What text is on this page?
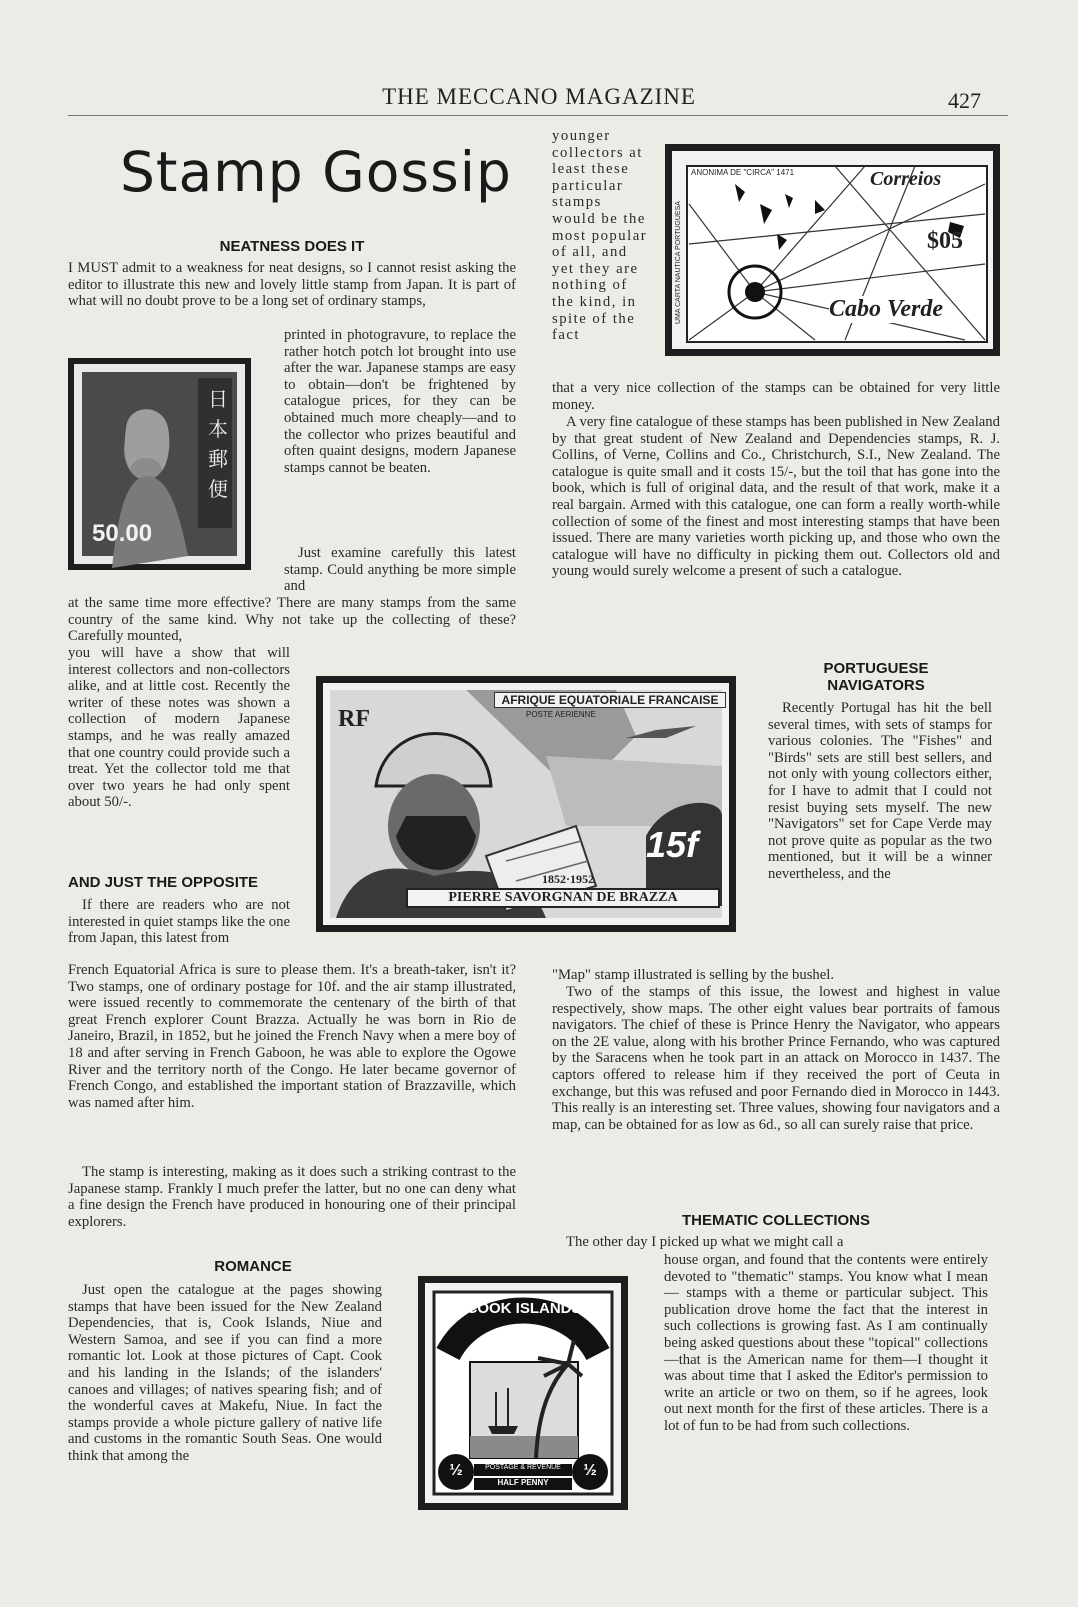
THE MECCANO MAGAZINE	427
Stamp Gossip
NEATNESS DOES IT

I MUST admit to a weakness for neat designs, so I cannot resist asking the editor to illustrate this new and lovely little stamp from Japan. It is part of what will no doubt prove to be a long set of ordinary stamps,

printed in photogravure, to replace the rather hotch potch lot brought into use after the war. Japanese stamps are easy to obtain—don't be frightened by catalogue prices, for they can be obtained much more cheaply—and to the collector who prizes beautiful and often quaint designs, modern Japanese stamps cannot be beaten.

Just examine carefully this latest stamp. Could anything be more simple and

at the same time more effective? There are many stamps from the same country of the same kind. Why not take up the collecting of these? Carefully mounted,

you will have a show that will interest collectors and non-collectors alike, and at little cost. Recently the writer of these notes was shown a collection of modern Japanese stamps, and he was really amazed that one country could provide such a treat. Yet the collector told me that over two years he had only spent about 50/-.

日本郵便
50.00
AND JUST THE OPPOSITE

If there are readers who are not interested in quiet stamps like the one from Japan, this latest from

French Equatorial Africa is sure to please them. It's a breath-taker, isn't it? Two stamps, one of ordinary postage for 10f. and the air stamp illustrated, were issued recently to commemorate the centenary of the birth of that great French explorer Count Brazza. Actually he was born in Rio de Janeiro, Brazil, in 1852, but he joined the French Navy when a mere boy of 18 and after serving in French Gaboon, he was able to explore the Ogowe River and the territory north of the Congo. He later became governor of French Congo, and established the important station of Brazzaville, which was named after him.

The stamp is interesting, making as it does such a striking contrast to the Japanese stamp. Frankly I much prefer the latter, but no one can deny what a fine design the French have produced in honouring one of their principal explorers.

AFRIQUE EQUATORIALE FRANCAISE
POSTE AERIENNE
RF
15f
1852·1952
PIERRE SAVORGNAN DE BRAZZA
ROMANCE

Just open the catalogue at the pages showing stamps that have been issued for the New Zealand Dependencies, that is, Cook Islands, Niue and Western Samoa, and see if you can find a more romantic lot. Look at those pictures of Capt. Cook and his landing in the Islands; of the islanders' canoes and villages; of natives spearing fish; and of the wonderful caves at Makefu, Niue. In fact the stamps provide a whole picture gallery of native life and customs in the romantic South Seas. One would think that among the

younger collectors at least these particular stamps would be the most popular of all, and yet they are nothing of the kind, in spite of the fact

that a very nice collection of the stamps can be obtained for very little money.

A very fine catalogue of these stamps has been published in New Zealand by that great student of New Zealand and Dependencies stamps, R. J. Collins, of Verne, Collins and Co., Christchurch, S.I., New Zealand. The catalogue is quite small and it costs 15/-, but the toil that has gone into the book, which is full of original data, and the result of that work, make it a real bargain. Armed with this catalogue, one can form a really worth-while collection of some of the finest and most interesting stamps that have been issued. There are many varieties worth picking up, and those who own the catalogue will have no difficulty in picking them out. Collectors old and young would surely welcome a present of such a catalogue.

ANONIMA DE "CIRCA" 1471	Correios
$05
Cabo Verde
PORTUGUESE
NAVIGATORS

Recently Portugal has hit the bell several times, with sets of stamps for various colonies. The "Fishes" and "Birds" sets are still best sellers, and not only with young collectors either, for I have to admit that I could not resist buying sets myself. The new "Navigators" set for Cape Verde may not prove quite as popular as the two mentioned, but it will be a winner nevertheless, and the

"Map" stamp illustrated is selling by the bushel.

Two of the stamps of this issue, the lowest and highest in value respectively, show maps. The other eight values bear portraits of famous navigators. The chief of these is Prince Henry the Navigator, who appears on the 2E value, along with his brother Prince Fernando, who was captured by the Saracens when he took part in an attack on Morocco in 1437. The captors offered to release him if they received the port of Ceuta in exchange, but this was refused and poor Fernando died in Morocco in 1443. This really is an interesting set. Three values, showing four navigators and a map, can be obtained for as low as 6d., so all can surely raise that price.

THEMATIC COLLECTIONS

The other day I picked up what we might call a

house organ, and found that the contents were entirely devoted to "thematic" stamps. You know what I mean — stamps with a theme or particular subject. This publication drove home the fact that the interest in such collections is growing fast. As I am continually being asked questions about these "topical" collections—that is the American name for them—I thought it was about time that I asked the Editor's permission to write an article or two on them, so if he agrees, look out next month for the first of these articles. There is a lot of fun to be had from such collections.

COOK ISLANDS
POSTAGE & REVENUE
HALF PENNY
½	½
